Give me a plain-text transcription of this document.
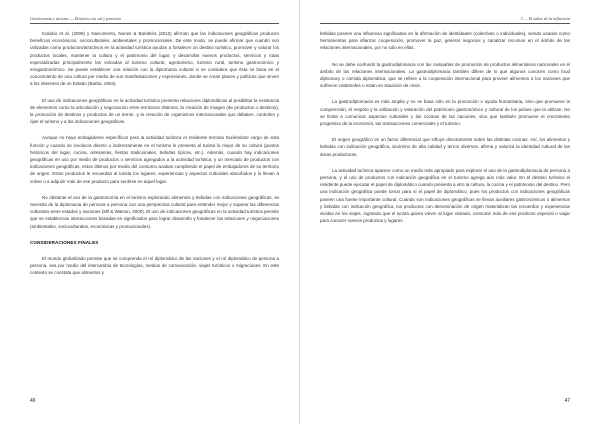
Gastronomía y turismo — Destinos con sal y pimienta

Kokubo et al. (2006) y Nascimento, Nunes & Bandeira (2012) afirman que las indicaciones geográficas producen beneficios económicos, socioculturales, ambientales y promocionales. De este modo, se puede afirmar que cuando son utilizadas como productos/atractivos en la actividad turística ayudan a fortalecer un destino turístico, promover y valorar los productos locales, mantener la cultura y el patrimonio del lugar, y desarrollar nuevos productos, servicios y rutas especializadas principalmente las volcadas al turismo cultural, agroturismo, turismo rural, turismo gastronómico y enogastronómico. Se puede establecer una relación con la diplomacia cultural si se considera que ésta se basa en el conocimiento de una cultura por medio de sus manifestaciones y expresiones, donde se crean planes y políticas que sirven a los intereses de un Estado (Barba, 2004).

El uso de indicaciones geográficas en la actividad turística presenta relaciones diplomáticas al posibilitar la existencia de elementos como la articulación y negociación entre territorios distintos, la creación de imagen (de productos o destinos), la promoción de destinos y productos de un terroir, y la creación de organismos internacionales que debaten, controlen y rijan el turismo y a las indicaciones geográficas.

Aunque no haya embajadores específicos para la actividad turística el residente termina haciéndose cargo de esta función y cuando se involucra directo o indirectamente en el turismo le presenta al turista lo mejor de su cultura (puntos históricos del lugar, cocina, artesanías, fiestas tradicionales, bebidas típicas, etc.). Además, cuando hay indicaciones geográficas en uso por medio de productos o servicios agregados a la actividad turística, y un mercado de productos con indicaciones geográficas, estos últimos por medio del consumo acaban cumpliendo el papel de embajadores de su territorio de origen. Estos productos le recuerdan al turista los lugares, experiencias y aspectos culturales absorbidos y lo llevan a volver o a adquirir más de ese producto para sentirse en aquel lugar.

No obstante el uso de la gastronomía en el turismo explorando alimentos y bebidas con indicaciones geográficas, se necesita de la diplomacia de persona a persona con una perspectiva cultural para entender mejor y superar las diferencias culturales entre estados y naciones (Mil & Watson, 2000). El uso de indicaciones geográficas en la actividad turística permite que se establezcan interacciones basadas en significados para lograr desarrollo y fortalecer las relaciones y negociaciones (ambientales, socioculturales, económicas y promocionales).

CONSIDERACIONES FINALES

El mundo globalizado permite que se comprenda el rol diplomático de las naciones y el rol diplomático de persona a persona, sea por medio del intercambio de tecnologías, medios de comunicación, viajes turísticos o migraciones. En este contexto se constata que alimentos y

46
3 — El sabor de la influencia

bebidas poseen una influencia significativa en la afirmación de identidades (colectivas o individuales), siendo usados como herramientas para afianzar cooperación, promover la paz, generar negocios y canalizar recursos en el ámbito de las relaciones internacionales, por no sólo en ellas.

No se debe confundir la gastrodiplomacia con las campañas de promoción de productos alimentarios nacionales en el ámbito de las relaciones internacionales. La gastrodiplomacia también difiere de lo que algunos conocen como food diplomacy o comida diplomática, que se refiere a la cooperación internacional para proveer alimentos a los naciones que sufrieron catástrofes o están en situación de crisis.

La gastrodiplomacia es más amplia y no se basa sólo en la promoción o ayuda humanitaria, sino que promueve la comprensión, el respeto y la utilización y valoración del patrimonio gastronómico y cultural de los países que la utilizan. No se limita a comunicar aspectos culturales y las cocinas de las naciones, sino que también promueve el crecimiento progresivo de la economía, las transacciones comerciales y el turismo.

El origen geográfico es un factor diferencial que influye directamente sobre las distintas cocinas. Así, los alimentos y bebidas con indicación geográfica, sinónimo de alta calidad y terroir diversos, afirma y valoriza la identidad cultural de las áreas productoras.

La actividad turística aparece como un medio más apropiado para explorar el uso de la gastrodiplomacia de persona a persona, y el uso de productos con indicación geográfica en el turismo agrega aún más valor. En el destino turístico el residente puede ejecutar el papel de diplomático cuando presenta a otro la cultura, la cocina y el patrimonio del destino. Pero una indicación geográfica puede tomar para sí el papel de diplomático, pues los productos con indicaciones geográficas poseen una fuente importante cultural. Cuando son indicaciones geográficas se llevan auxiliares gastronómicos o alimentos y bebidas con indicación geográfica, los productos con denominación de origen materializan las recuerdos y experiencias vividas en los viajes, logrando que el turista quiera volver al lugar visitado, consumir más de ese producto especial o viajar para conocer nuevos productos y lugares.

47
